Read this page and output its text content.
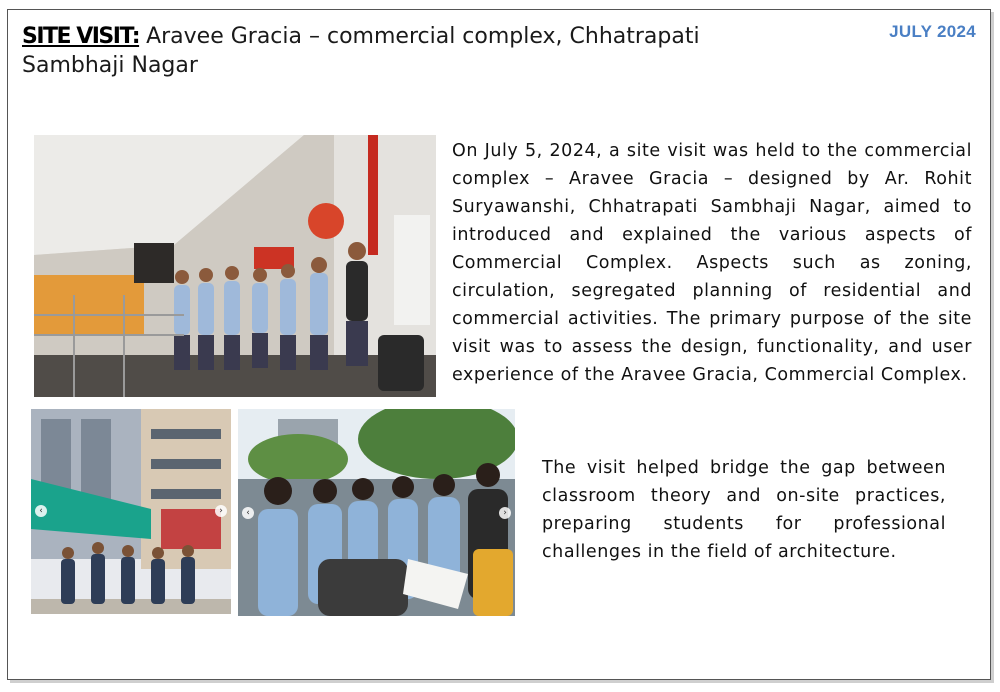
SITE VISIT: Aravee Gracia – commercial complex, Chhatrapati Sambhaji Nagar
JULY 2024
‹	›	‹	›

On July 5, 2024, a site visit was held to the commercial complex – Aravee Gracia – designed by Ar. Rohit Suryawanshi, Chhatrapati Sambhaji Nagar, aimed to introduced and explained the various aspects of Commercial Complex. Aspects such as zoning, circulation, segregated planning of residential and commercial activities. The primary purpose of the site visit was to assess the design, functionality, and user experience of the Aravee Gracia, Commercial Complex.

The visit helped bridge the gap between classroom theory and on-site practices, preparing students for professional challenges in the field of architecture.
